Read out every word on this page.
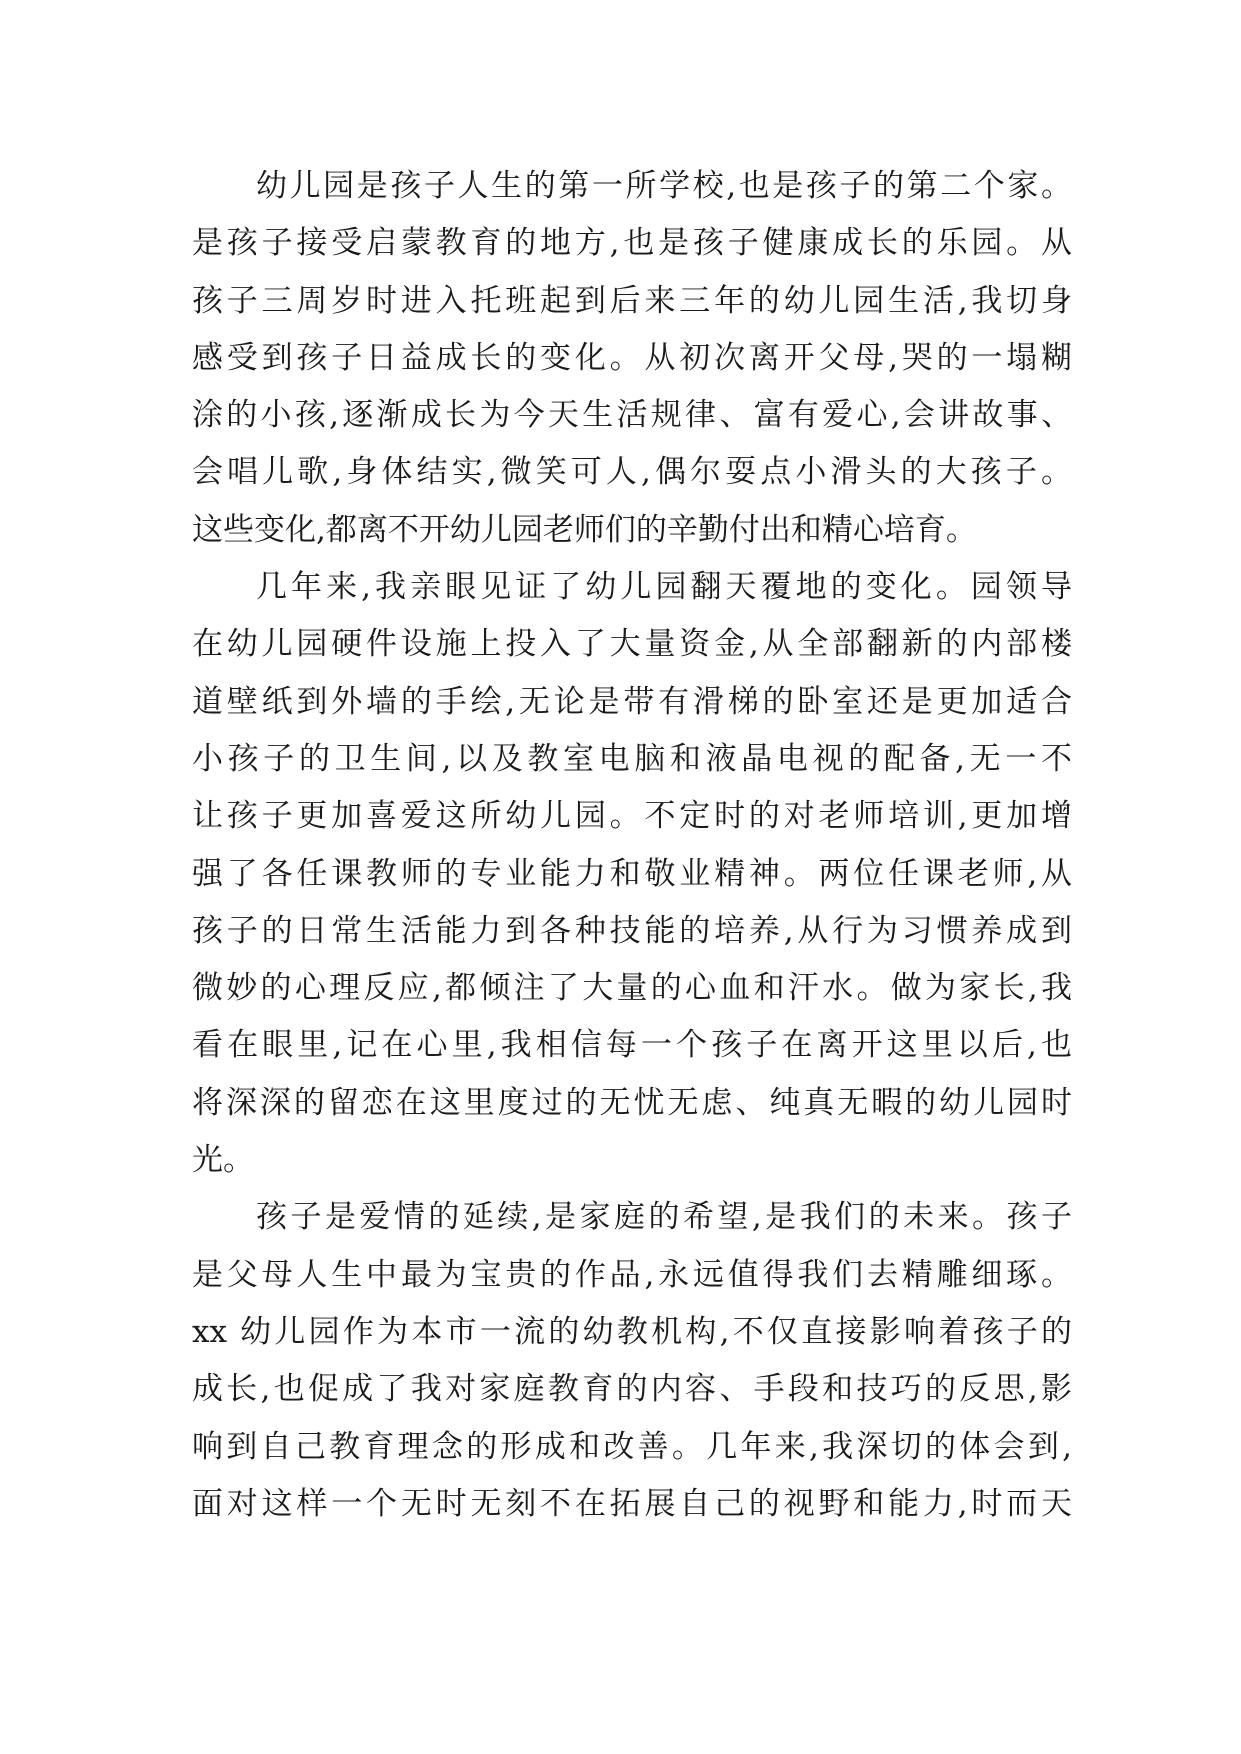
幼儿园是孩子人生的第一所学校,也是孩子的第二个家。
是孩子接受启蒙教育的地方,也是孩子健康成长的乐园。从
孩子三周岁时进入托班起到后来三年的幼儿园生活,我切身
感受到孩子日益成长的变化。从初次离开父母,哭的一塌糊
涂的小孩,逐渐成长为今天生活规律、富有爱心,会讲故事、
会唱儿歌,身体结实,微笑可人,偶尔耍点小滑头的大孩子。
这些变化,都离不开幼儿园老师们的辛勤付出和精心培育。
几年来,我亲眼见证了幼儿园翻天覆地的变化。园领导
在幼儿园硬件设施上投入了大量资金,从全部翻新的内部楼
道壁纸到外墙的手绘,无论是带有滑梯的卧室还是更加适合
小孩子的卫生间,以及教室电脑和液晶电视的配备,无一不
让孩子更加喜爱这所幼儿园。不定时的对老师培训,更加增
强了各任课教师的专业能力和敬业精神。两位任课老师,从
孩子的日常生活能力到各种技能的培养,从行为习惯养成到
微妙的心理反应,都倾注了大量的心血和汗水。做为家长,我
看在眼里,记在心里,我相信每一个孩子在离开这里以后,也
将深深的留恋在这里度过的无忧无虑、纯真无暇的幼儿园时
光。
孩子是爱情的延续,是家庭的希望,是我们的未来。孩子
是父母人生中最为宝贵的作品,永远值得我们去精雕细琢。
xx 幼儿园作为本市一流的幼教机构,不仅直接影响着孩子的
成长,也促成了我对家庭教育的内容、手段和技巧的反思,影
响到自己教育理念的形成和改善。几年来,我深切的体会到,
面对这样一个无时无刻不在拓展自己的视野和能力,时而天
